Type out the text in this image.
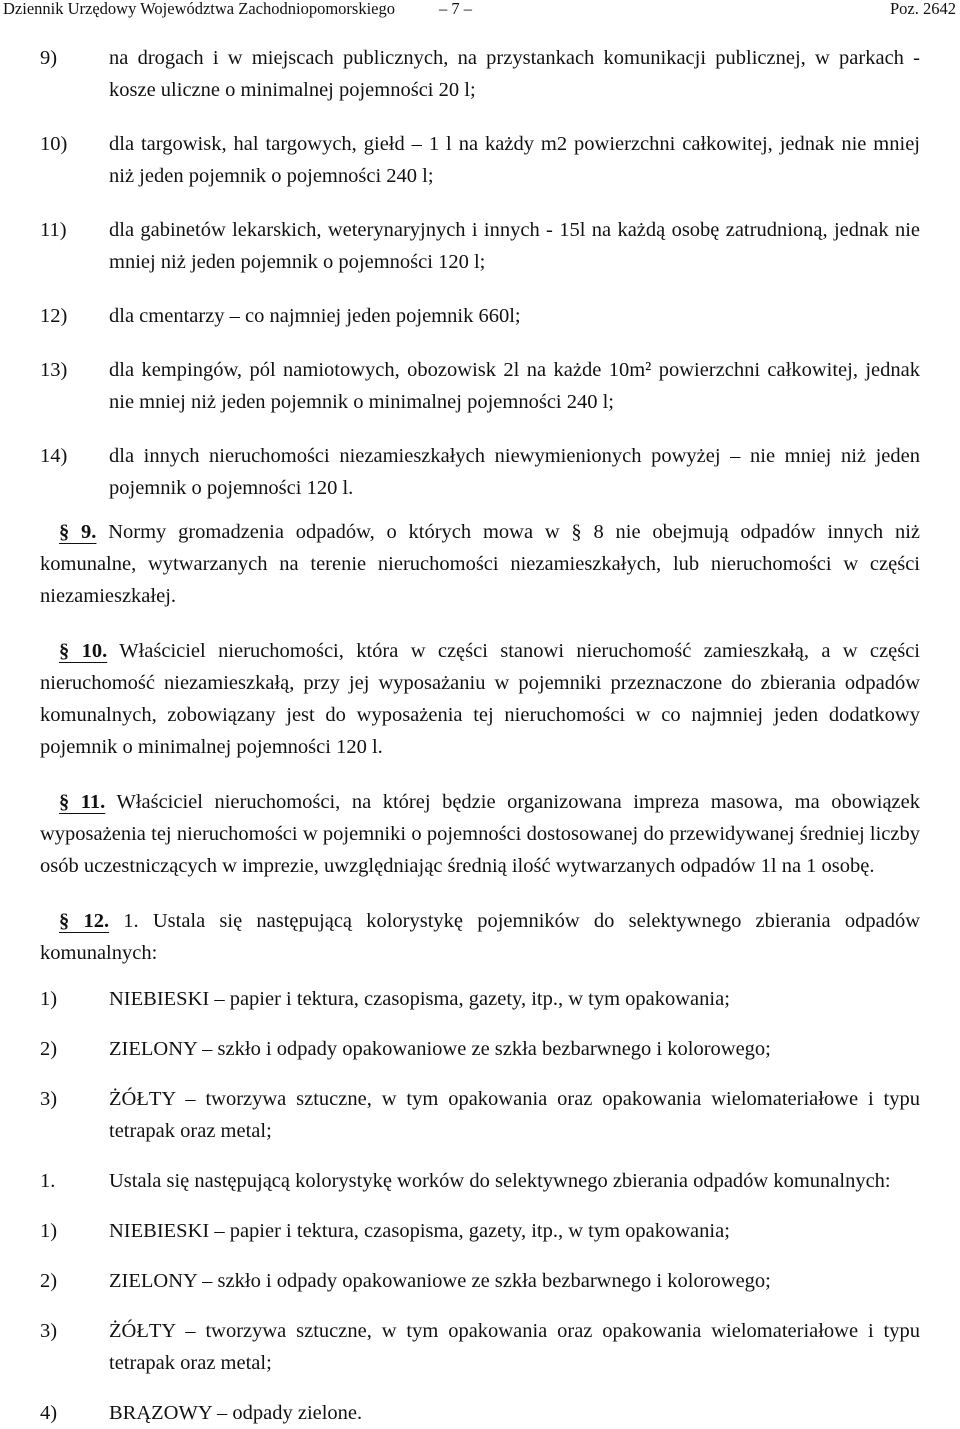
Dziennik Urzędowy Województwa Zachodniopomorskiego	– 7 –	Poz. 2642
9)	na drogach i w miejscach publicznych, na przystankach komunikacji publicznej, w parkach - kosze uliczne o minimalnej pojemności 20 l;
10)	dla targowisk, hal targowych, giełd – 1 l na każdy m2 powierzchni całkowitej, jednak nie mniej niż jeden pojemnik o pojemności 240 l;
11)	dla gabinetów lekarskich, weterynaryjnych i innych - 15l na każdą osobę zatrudnioną, jednak nie mniej niż jeden pojemnik o pojemności 120 l;
12)	dla cmentarzy – co najmniej jeden pojemnik 660l;
13)	dla kempingów, pól namiotowych, obozowisk 2l na każde 10m² powierzchni całkowitej, jednak nie mniej niż jeden pojemnik o minimalnej pojemności 240 l;
14)	dla innych nieruchomości niezamieszkałych niewymienionych powyżej – nie mniej niż jeden pojemnik o pojemności 120 l.
§ 9. Normy gromadzenia odpadów, o których mowa w § 8 nie obejmują odpadów innych niż komunalne, wytwarzanych na terenie nieruchomości niezamieszkałych, lub nieruchomości w części niezamieszkałej.
§ 10. Właściciel nieruchomości, która w części stanowi nieruchomość zamieszkałą, a w części nieruchomość niezamieszkałą, przy jej wyposażaniu w pojemniki przeznaczone do zbierania odpadów komunalnych, zobowiązany jest do wyposażenia tej nieruchomości w co najmniej jeden dodatkowy pojemnik o minimalnej pojemności 120 l.
§ 11. Właściciel nieruchomości, na której będzie organizowana impreza masowa, ma obowiązek wyposażenia tej nieruchomości w pojemniki o pojemności dostosowanej do przewidywanej średniej liczby osób uczestniczących w imprezie, uwzględniając średnią ilość wytwarzanych odpadów 1l na 1 osobę.
§ 12. 1. Ustala się następującą kolorystykę pojemników do selektywnego zbierania odpadów komunalnych:
1)	NIEBIESKI – papier i tektura, czasopisma, gazety, itp., w tym opakowania;
2)	ZIELONY – szkło i odpady opakowaniowe ze szkła bezbarwnego i kolorowego;
3)	ŻÓŁTY – tworzywa sztuczne, w tym opakowania oraz opakowania wielomateriałowe i typu tetrapak oraz metal;
1.	Ustala się następującą kolorystykę worków do selektywnego zbierania odpadów komunalnych:
1)	NIEBIESKI – papier i tektura, czasopisma, gazety, itp., w tym opakowania;
2)	ZIELONY – szkło i odpady opakowaniowe ze szkła bezbarwnego i kolorowego;
3)	ŻÓŁTY – tworzywa sztuczne, w tym opakowania oraz opakowania wielomateriałowe i typu tetrapak oraz metal;
4)	BRĄZOWY – odpady zielone.
